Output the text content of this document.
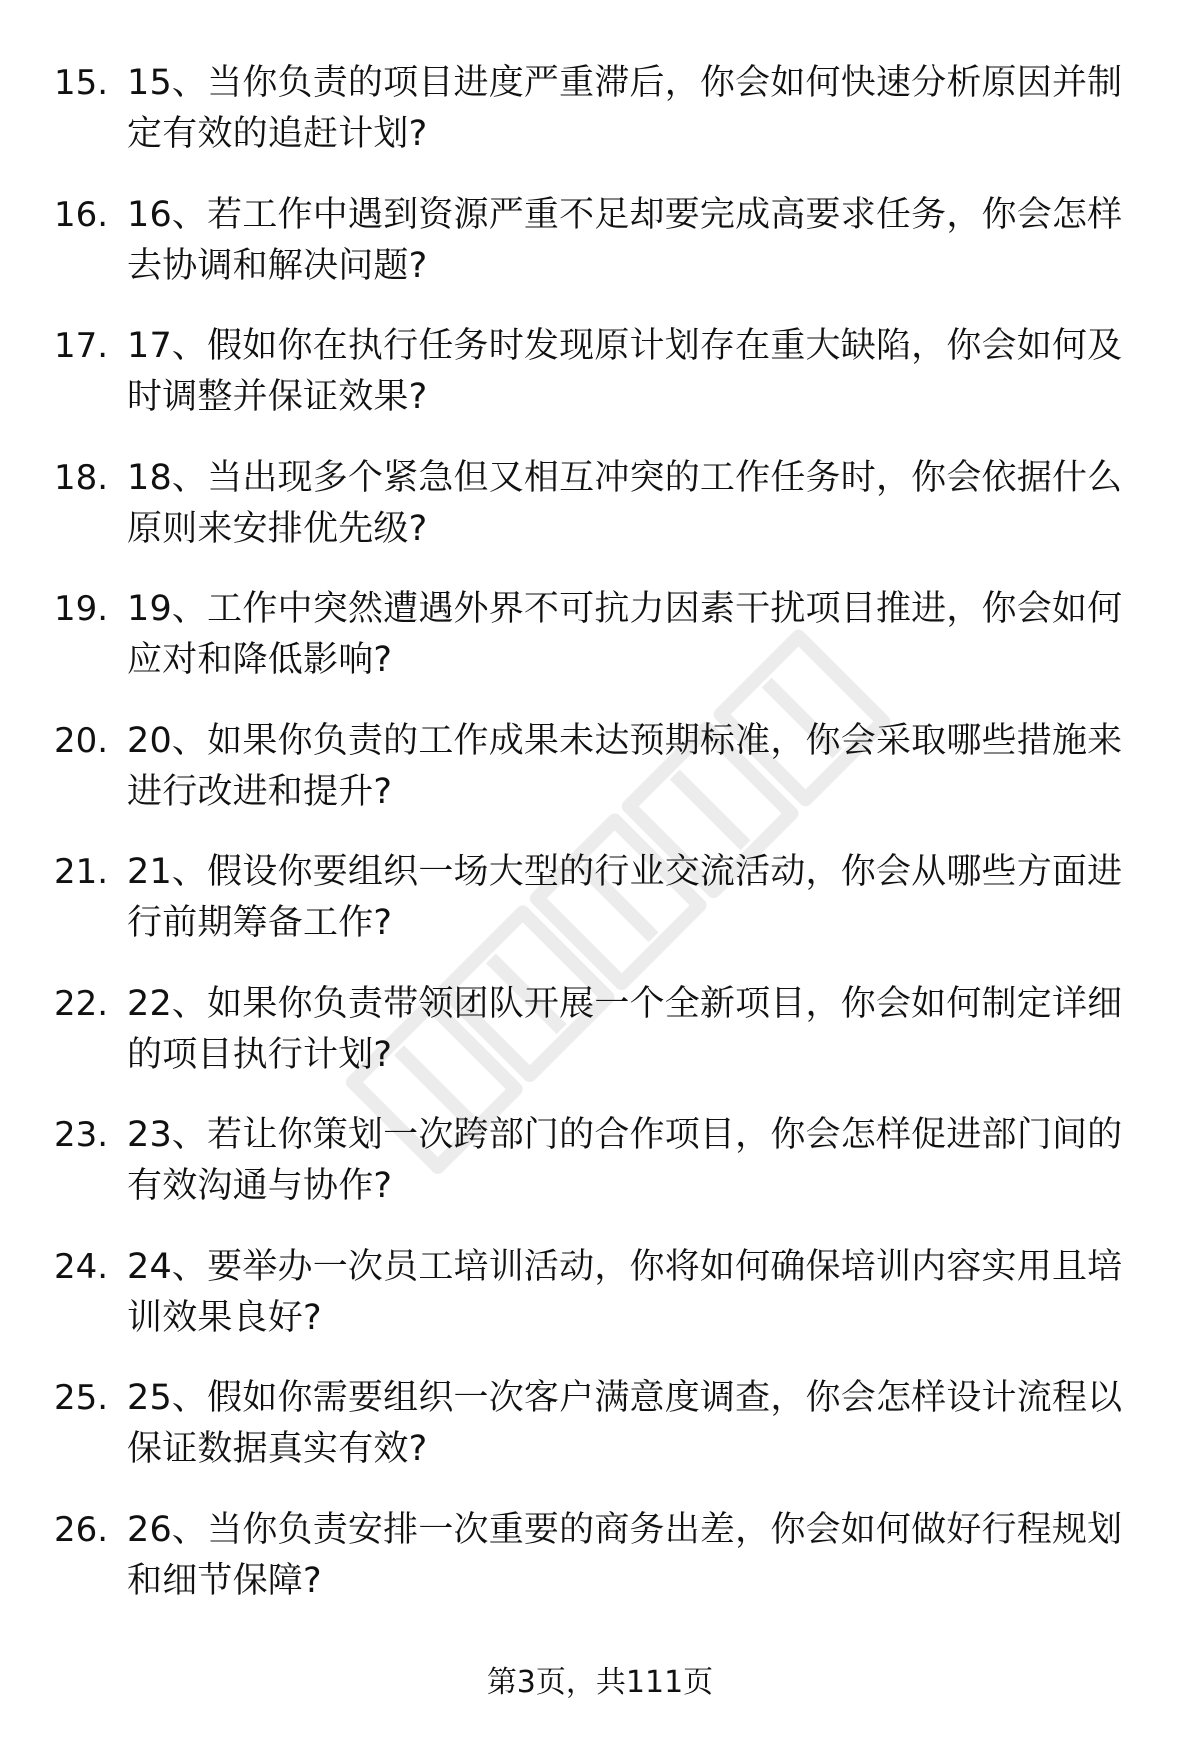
15. 15、当你负责的项目进度严重滞后，你会如何快速分析原因并制定有效的追赶计划?
16. 16、若工作中遇到资源严重不足却要完成高要求任务，你会怎样去协调和解决问题?
17. 17、假如你在执行任务时发现原计划存在重大缺陷，你会如何及时调整并保证效果?
18. 18、当出现多个紧急但又相互冲突的工作任务时，你会依据什么原则来安排优先级?
19. 19、工作中突然遭遇外界不可抗力因素干扰项目推进，你会如何应对和降低影响?
20. 20、如果你负责的工作成果未达预期标准，你会采取哪些措施来进行改进和提升?
21. 21、假设你要组织一场大型的行业交流活动，你会从哪些方面进行前期筹备工作?
22. 22、如果你负责带领团队开展一个全新项目，你会如何制定详细的项目执行计划?
23. 23、若让你策划一次跨部门的合作项目，你会怎样促进部门间的有效沟通与协作?
24. 24、要举办一次员工培训活动，你将如何确保培训内容实用且培训效果良好?
25. 25、假如你需要组织一次客户满意度调查，你会怎样设计流程以保证数据真实有效?
26. 26、当你负责安排一次重要的商务出差，你会如何做好行程规划和细节保障?
第3页，共111页
